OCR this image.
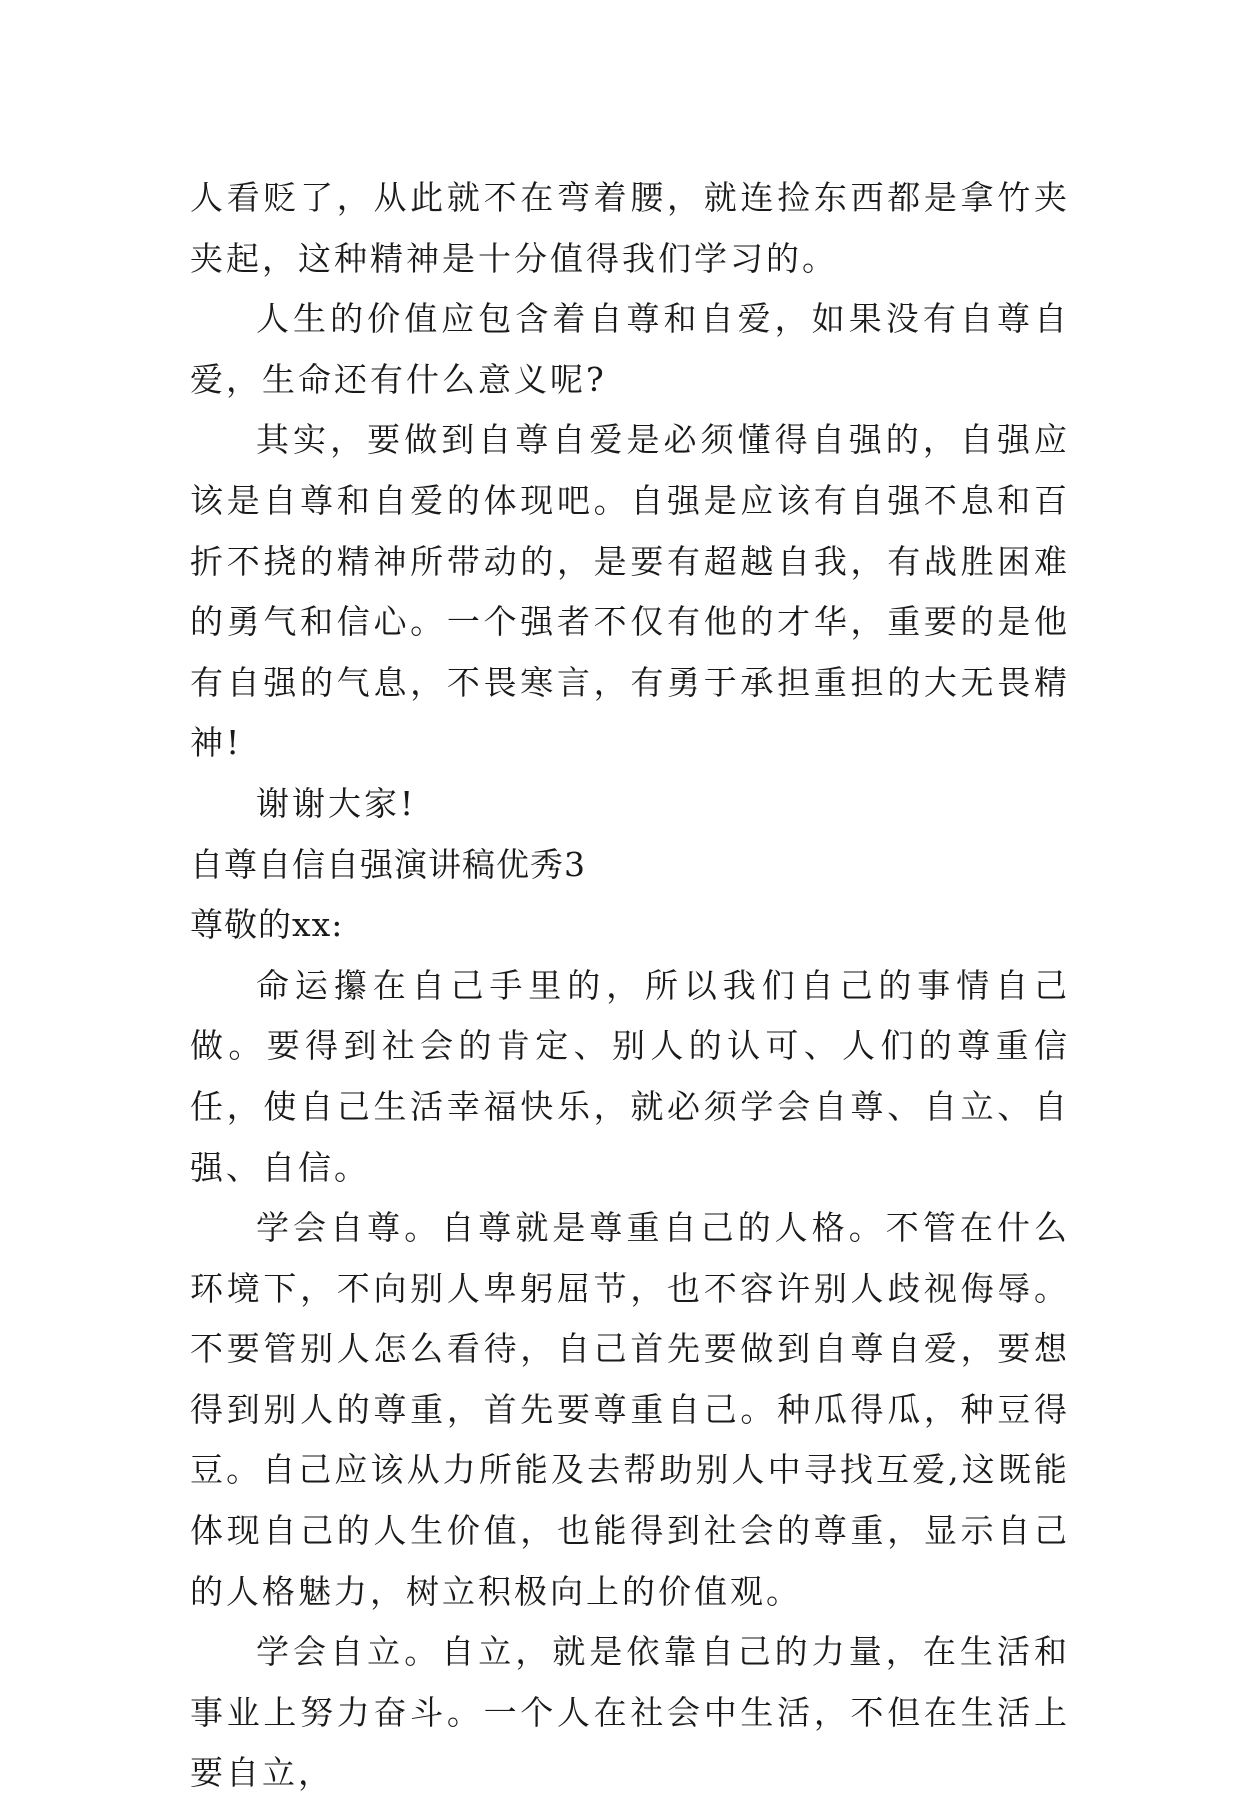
人看贬了，从此就不在弯着腰，就连捡东西都是拿竹夹夹起，这种精神是十分值得我们学习的。

人生的价值应包含着自尊和自爱，如果没有自尊自爱，生命还有什么意义呢?

其实，要做到自尊自爱是必须懂得自强的，自强应该是自尊和自爱的体现吧。自强是应该有自强不息和百折不挠的精神所带动的，是要有超越自我，有战胜困难的勇气和信心。一个强者不仅有他的才华，重要的是他有自强的气息，不畏寒言，有勇于承担重担的大无畏精神!

谢谢大家!

自尊自信自强演讲稿优秀3

尊敬的xx:

命运攥在自己手里的，所以我们自己的事情自己做。要得到社会的肯定、别人的认可、人们的尊重信任，使自己生活幸福快乐，就必须学会自尊、自立、自强、自信。

学会自尊。自尊就是尊重自己的人格。不管在什么环境下，不向别人卑躬屈节，也不容许别人歧视侮辱。不要管别人怎么看待，自己首先要做到自尊自爱，要想得到别人的尊重，首先要尊重自己。种瓜得瓜，种豆得豆。自己应该从力所能及去帮助别人中寻找互爱,这既能体现自己的人生价值，也能得到社会的尊重，显示自己的人格魅力，树立积极向上的价值观。

学会自立。自立，就是依靠自己的力量，在生活和事业上努力奋斗。一个人在社会中生活，不但在生活上要自立，
